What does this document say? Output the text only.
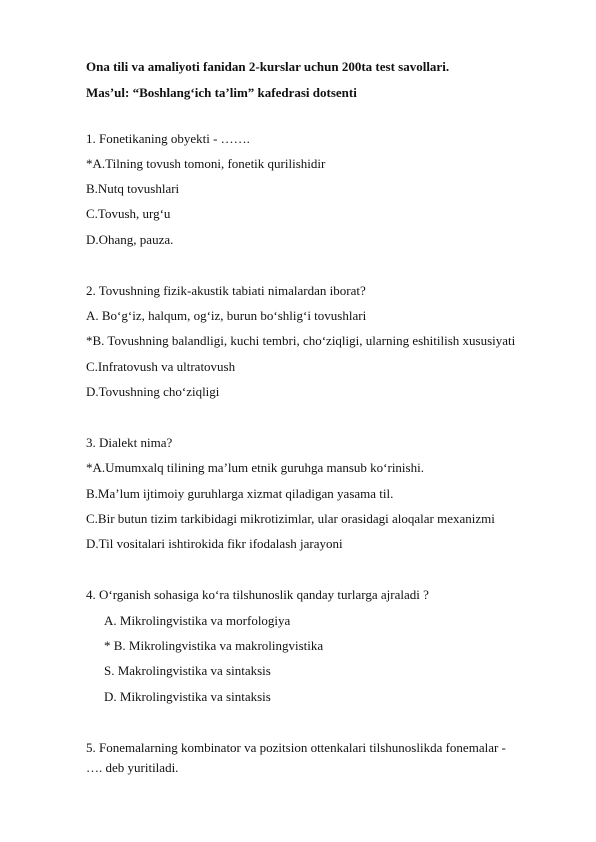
Ona tili va amaliyoti fanidan 2-kurslar uchun 200ta test savollari.
Mas’ul: “Boshlang‘ich ta’lim” kafedrasi dotsenti
1. Fonetikaning obyekti - …….
*A.Tilning tovush tomoni, fonetik qurilishidir
B.Nutq tovushlari
C.Tovush, urg‘u
D.Ohang, pauza.
2. Tovushning fizik-akustik tabiati nimalardan iborat?
A. Bo‘g‘iz, halqum, og‘iz, burun bo‘shlig‘i tovushlari
*B. Tovushning balandligi, kuchi tembri, cho‘ziqligi, ularning eshitilish xususiyati
C.Infratovush va ultratovush
D.Tovushning cho‘ziqligi
3. Dialekt nima?
*A.Umumxalq tilining ma’lum etnik guruhga mansub ko‘rinishi.
B.Ma’lum ijtimoiy guruhlarga xizmat qiladigan yasama til.
C.Bir butun tizim tarkibidagi mikrotizimlar, ular orasidagi aloqalar mexanizmi
D.Til vositalari ishtirokida fikr ifodalash jarayoni
4. O‘rganish sohasiga ko‘ra tilshunoslik qanday turlarga ajraladi ?
A. Mikrolingvistika va morfologiya
* B. Mikrolingvistika va makrolingvistika
S. Makrolingvistika va sintaksis
D. Mikrolingvistika va sintaksis
5. Fonemalarning kombinator va pozitsion ottenkalari tilshunoslikda fonemalar -
…. deb yuritiladi.
